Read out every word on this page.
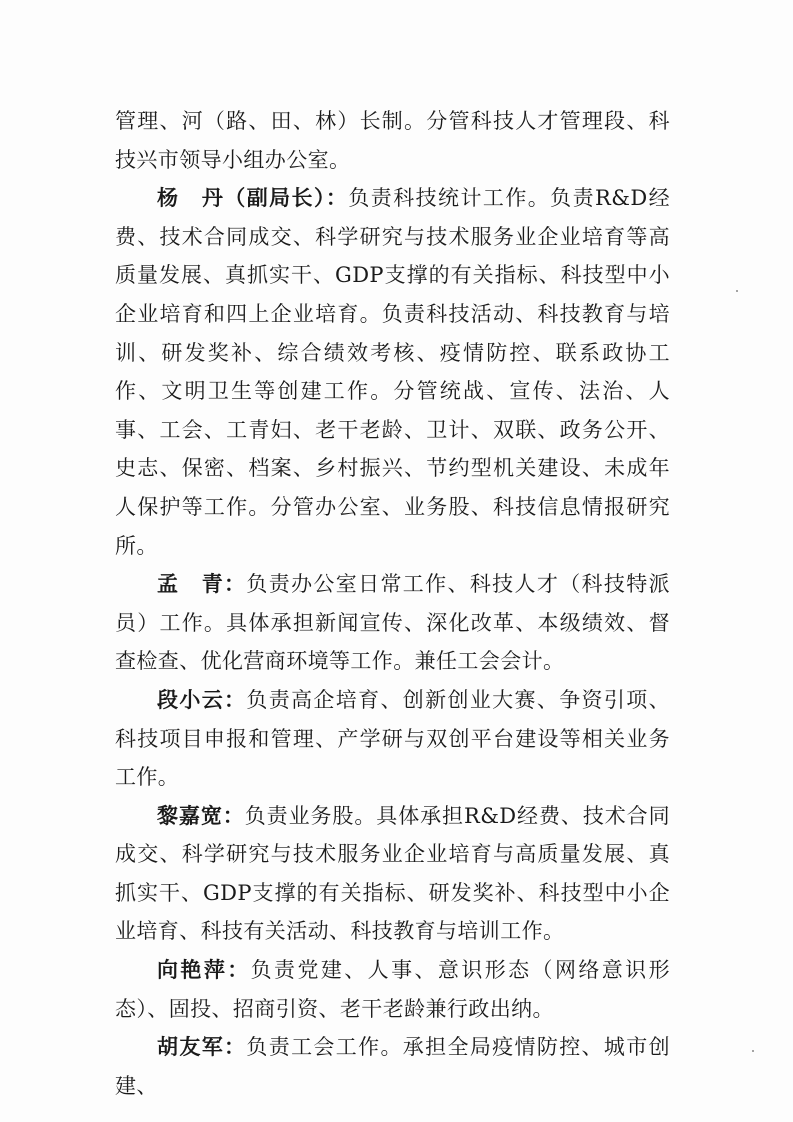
管理、河（路、田、林）长制。分管科技人才管理段、科技兴市领导小组办公室。

杨　丹（副局长）：负责科技统计工作。负责R&D经费、技术合同成交、科学研究与技术服务业企业培育等高质量发展、真抓实干、GDP支撑的有关指标、科技型中小企业培育和四上企业培育。负责科技活动、科技教育与培训、研发奖补、综合绩效考核、疫情防控、联系政协工作、文明卫生等创建工作。分管统战、宣传、法治、人事、工会、工青妇、老干老龄、卫计、双联、政务公开、史志、保密、档案、乡村振兴、节约型机关建设、未成年人保护等工作。分管办公室、业务股、科技信息情报研究所。

孟　青：负责办公室日常工作、科技人才（科技特派员）工作。具体承担新闻宣传、深化改革、本级绩效、督查检查、优化营商环境等工作。兼任工会会计。

段小云：负责高企培育、创新创业大赛、争资引项、科技项目申报和管理、产学研与双创平台建设等相关业务工作。

黎嘉宽：负责业务股。具体承担R&D经费、技术合同成交、科学研究与技术服务业企业培育与高质量发展、真抓实干、GDP支撑的有关指标、研发奖补、科技型中小企业培育、科技有关活动、科技教育与培训工作。

向艳萍：负责党建、人事、意识形态（网络意识形态）、固投、招商引资、老干老龄兼行政出纳。

胡友军：负责工会工作。承担全局疫情防控、城市创建、
